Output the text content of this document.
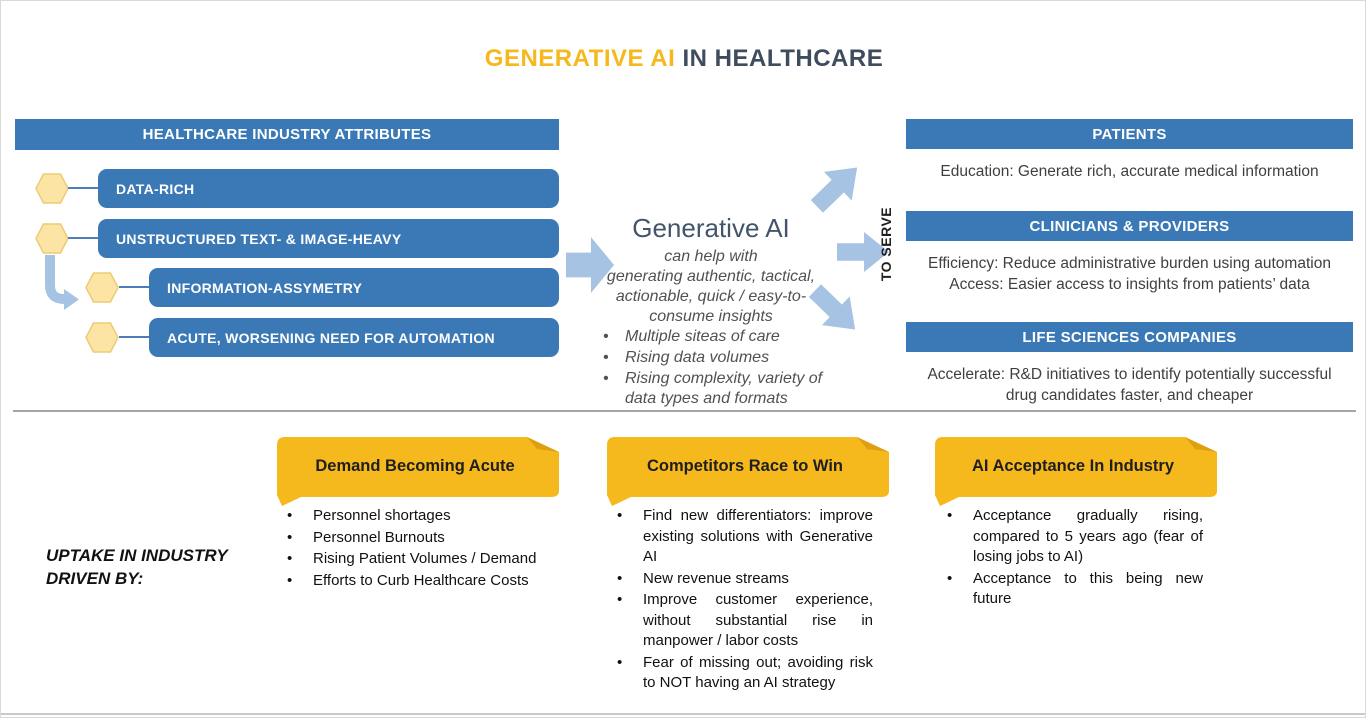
GENERATIVE AI IN HEALTHCARE
HEALTHCARE INDUSTRY ATTRIBUTES
DATA-RICH
UNSTRUCTURED TEXT- & IMAGE-HEAVY
INFORMATION-ASSYMETRY
ACUTE, WORSENING NEED FOR AUTOMATION
Generative AI
can help with
generating authentic, tactical,
actionable, quick / easy-to-
consume insights
•	Multiple siteas of care
•	Rising data volumes
•	Rising complexity, variety of data types and formats
TO SERVE
PATIENTS
Education: Generate rich, accurate medical information
CLINICIANS & PROVIDERS
Efficiency: Reduce administrative burden using automation
Access: Easier access to insights from patients’ data
LIFE SCIENCES COMPANIES
Accelerate: R&D initiatives to identify potentially successful drug candidates faster, and cheaper
UPTAKE IN INDUSTRY DRIVEN BY:
Demand Becoming Acute	Competitors Race to Win	AI Acceptance In Industry
• Personnel shortages
• Personnel Burnouts
• Rising Patient Volumes / Demand
• Efforts to Curb Healthcare Costs
• Find new differentiators: improve existing solutions with Generative AI
• New revenue streams
• Improve customer experience, without substantial rise in manpower / labor costs
• Fear of missing out; avoiding risk to NOT having an AI strategy
• Acceptance gradually rising, compared to 5 years ago (fear of losing jobs to AI)
• Acceptance to this being new future
